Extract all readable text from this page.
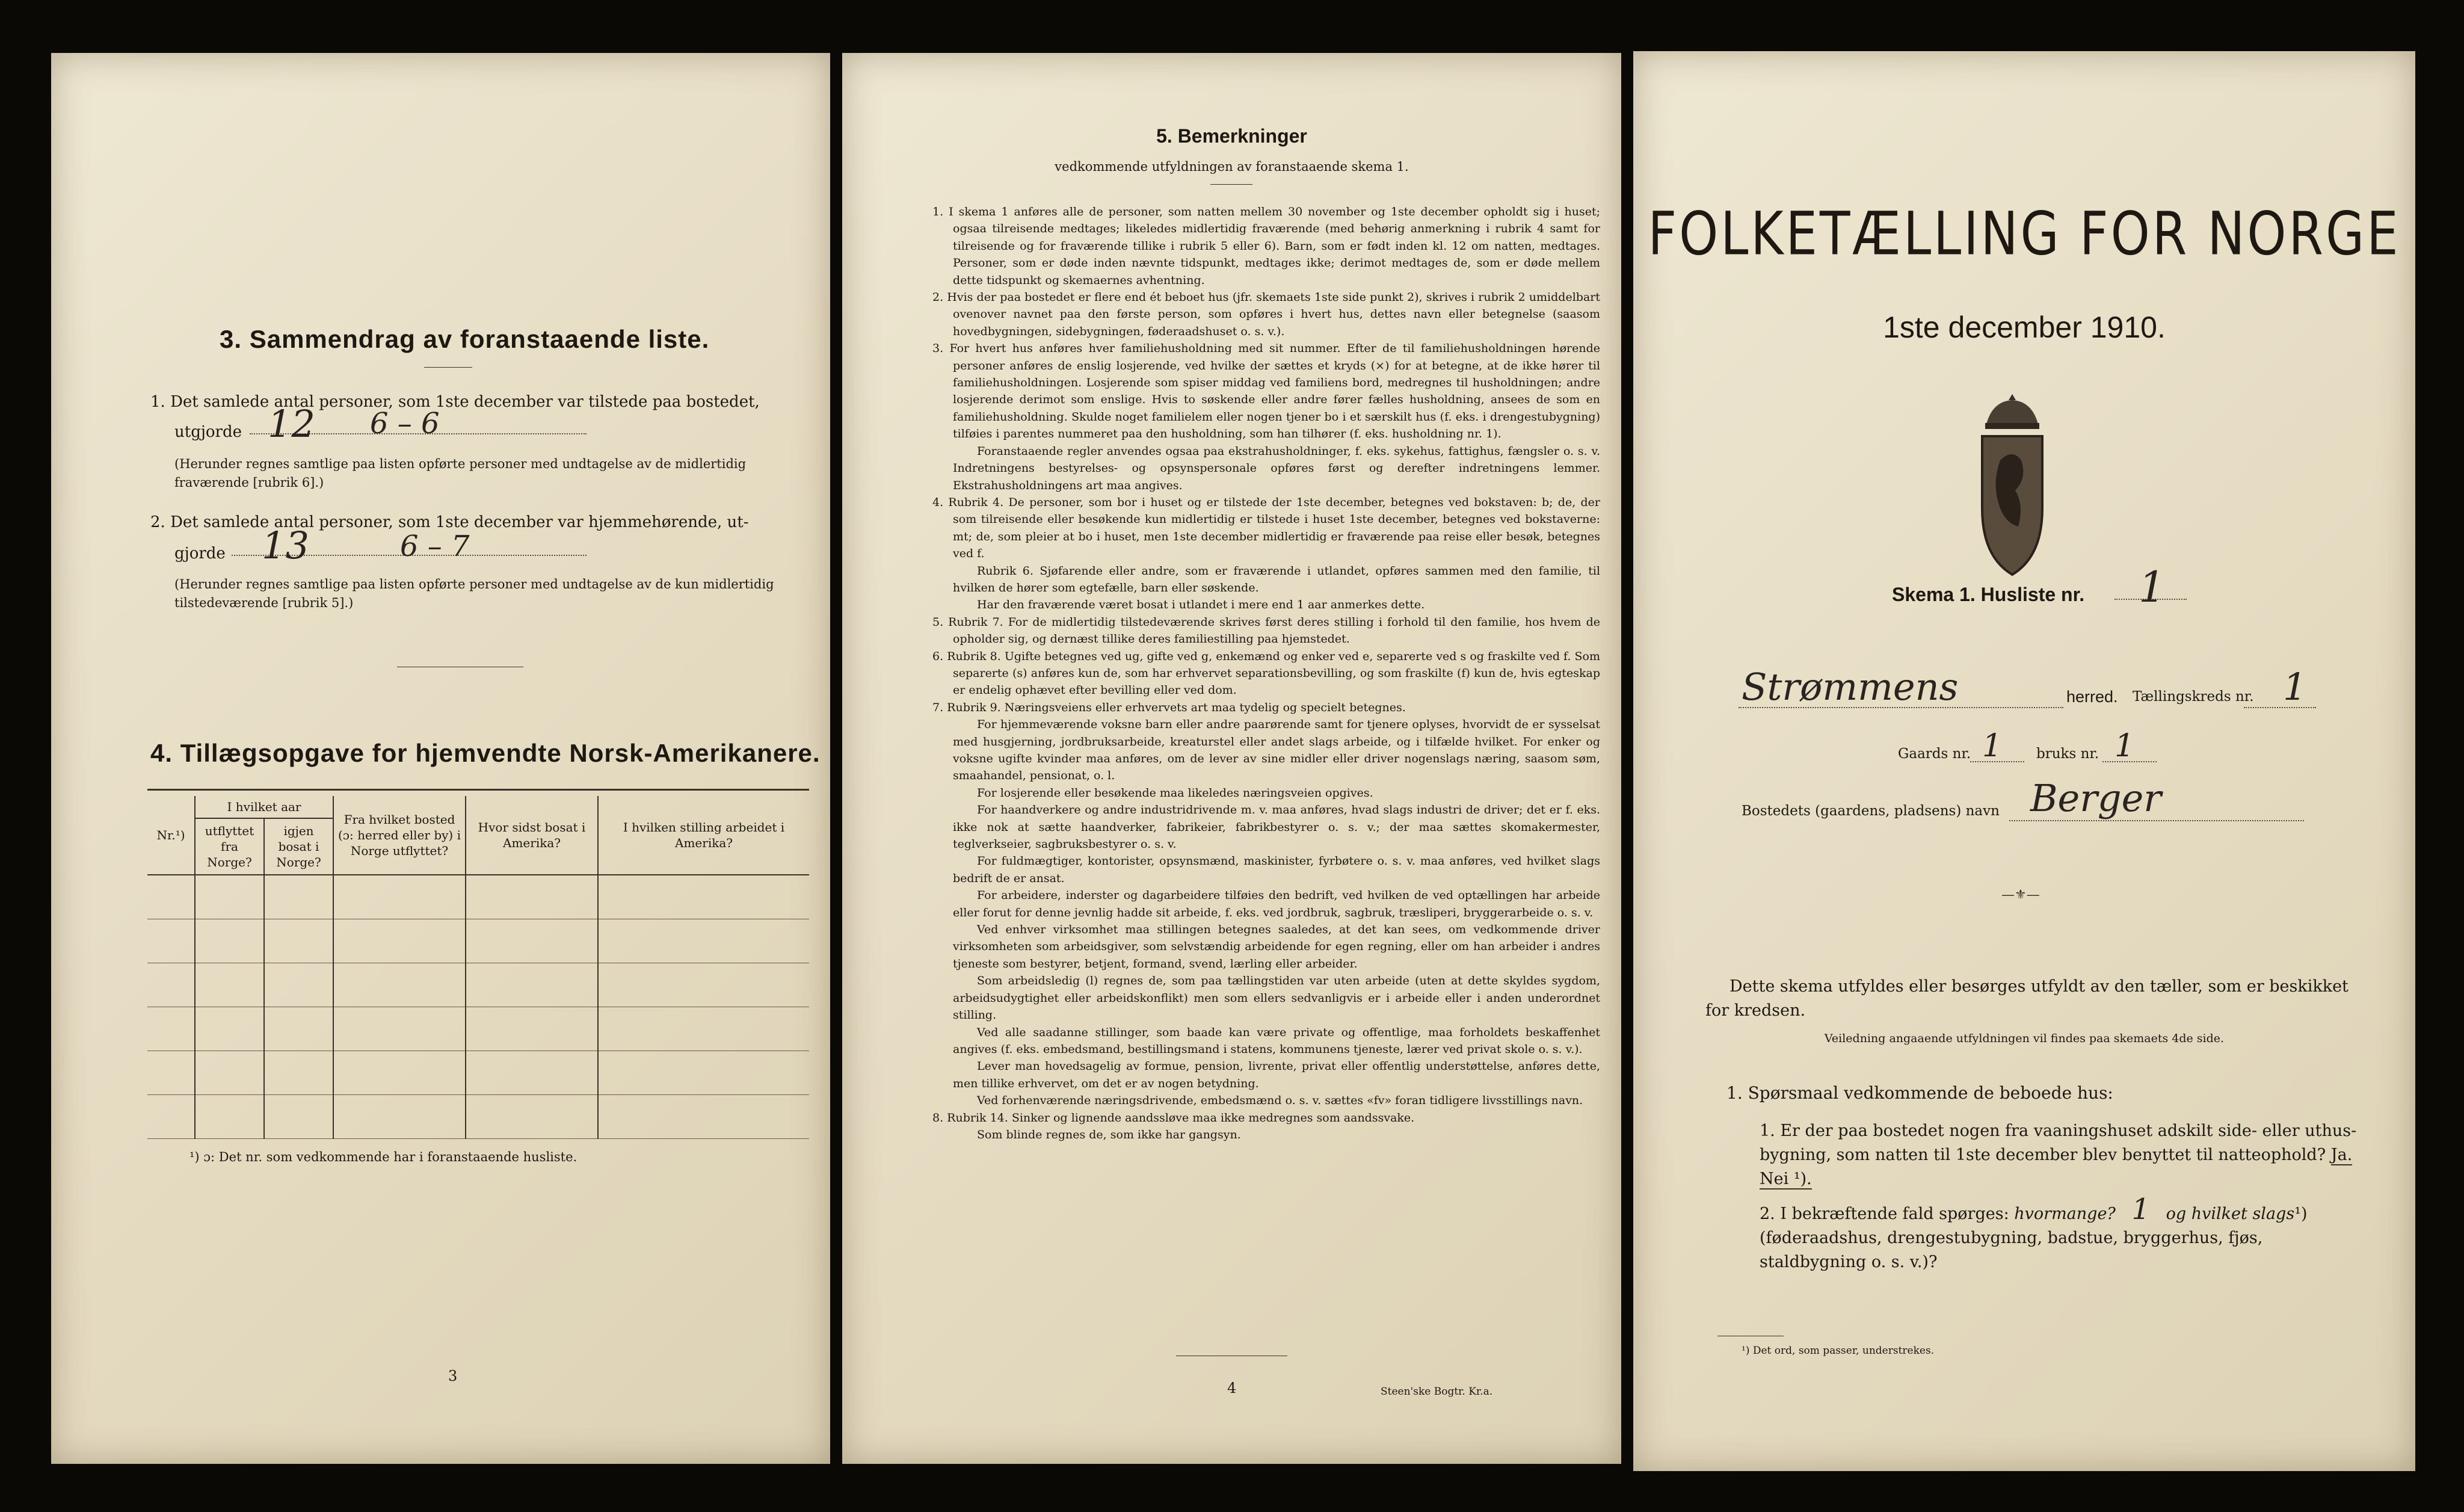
3. Sammendrag av foranstaaende liste.
1. Det samlede antal personer, som 1ste december var tilstede paa bostedet,
utgjorde 12 6 – 6
(Herunder regnes samtlige paa listen opførte personer med undtagelse av de midlertidig fraværende [rubrik 6].)
2. Det samlede antal personer, som 1ste december var hjemmehørende, ut-
gjorde 13	6 – 7
(Herunder regnes samtlige paa listen opførte personer med undtagelse av de kun midlertidig tilstedeværende [rubrik 5].)
4. Tillægsopgave for hjemvendte Norsk-Amerikanere.
Nr.¹)	I hvilket aar		Fra hvilket bosted (ɔ: herred eller by) i Norge utflyttet?	Hvor sidst bosat i Amerika?	I hvilken stilling arbeidet i Amerika?
	utflyttet fra Norge?	igjen bosat i Norge?			

¹) ɔ: Det nr. som vedkommende har i foranstaaende husliste.
3
5. Bemerkninger
vedkommende utfyldningen av foranstaaende skema 1.

1. I skema 1 anføres alle de personer, som natten mellem 30 november og 1ste december opholdt sig i huset; ogsaa tilreisende medtages; likeledes midlertidig fraværende (med behørig anmerkning i rubrik 4 samt for tilreisende og for fraværende tillike i rubrik 5 eller 6). Barn, som er født inden kl. 12 om natten, medtages. Personer, som er døde inden nævnte tidspunkt, medtages ikke; derimot medtages de, som er døde mellem dette tidspunkt og skemaernes avhentning.

2. Hvis der paa bostedet er flere end ét beboet hus (jfr. skemaets 1ste side punkt 2), skrives i rubrik 2 umiddelbart ovenover navnet paa den første person, som opføres i hvert hus, dettes navn eller betegnelse (saasom hovedbygningen, sidebygningen, føderaadshuset o. s. v.).

3. For hvert hus anføres hver familiehusholdning med sit nummer. Efter de til familiehusholdningen hørende personer anføres de enslig losjerende, ved hvilke der sættes et kryds (×) for at betegne, at de ikke hører til familiehusholdningen. Losjerende som spiser middag ved familiens bord, medregnes til husholdningen; andre losjerende derimot som enslige. Hvis to søskende eller andre fører fælles husholdning, ansees de som en familiehusholdning. Skulde noget familielem eller nogen tjener bo i et særskilt hus (f. eks. i drengestubygning) tilføies i parentes nummeret paa den husholdning, som han tilhører (f. eks. husholdning nr. 1).

Foranstaaende regler anvendes ogsaa paa ekstrahusholdninger, f. eks. sykehus, fattighus, fængsler o. s. v. Indretningens bestyrelses- og opsynspersonale opføres først og derefter indretningens lemmer. Ekstrahusholdningens art maa angives.

4. Rubrik 4. De personer, som bor i huset og er tilstede der 1ste december, betegnes ved bokstaven: b; de, der som tilreisende eller besøkende kun midlertidig er tilstede i huset 1ste december, betegnes ved bokstaverne: mt; de, som pleier at bo i huset, men 1ste december midlertidig er fraværende paa reise eller besøk, betegnes ved f.

Rubrik 6. Sjøfarende eller andre, som er fraværende i utlandet, opføres sammen med den familie, til hvilken de hører som egtefælle, barn eller søskende.

Har den fraværende været bosat i utlandet i mere end 1 aar anmerkes dette.

5. Rubrik 7. For de midlertidig tilstedeværende skrives først deres stilling i forhold til den familie, hos hvem de opholder sig, og dernæst tillike deres familiestilling paa hjemstedet.

6. Rubrik 8. Ugifte betegnes ved ug, gifte ved g, enkemænd og enker ved e, separerte ved s og fraskilte ved f. Som separerte (s) anføres kun de, som har erhvervet separationsbevilling, og som fraskilte (f) kun de, hvis egteskap er endelig ophævet efter bevilling eller ved dom.

7. Rubrik 9. Næringsveiens eller erhvervets art maa tydelig og specielt betegnes.

For hjemmeværende voksne barn eller andre paarørende samt for tjenere oplyses, hvorvidt de er sysselsat med husgjerning, jordbruksarbeide, kreaturstel eller andet slags arbeide, og i tilfælde hvilket. For enker og voksne ugifte kvinder maa anføres, om de lever av sine midler eller driver nogenslags næring, saasom søm, smaahandel, pensionat, o. l.

For losjerende eller besøkende maa likeledes næringsveien opgives.

For haandverkere og andre industridrivende m. v. maa anføres, hvad slags industri de driver; det er f. eks. ikke nok at sætte haandverker, fabrikeier, fabrikbestyrer o. s. v.; der maa sættes skomakermester, teglverkseier, sagbruksbestyrer o. s. v.

For fuldmægtiger, kontorister, opsynsmænd, maskinister, fyrbøtere o. s. v. maa anføres, ved hvilket slags bedrift de er ansat.

For arbeidere, inderster og dagarbeidere tilføies den bedrift, ved hvilken de ved optællingen har arbeide eller forut for denne jevnlig hadde sit arbeide, f. eks. ved jordbruk, sagbruk, træsliperi, bryggerarbeide o. s. v.

Ved enhver virksomhet maa stillingen betegnes saaledes, at det kan sees, om vedkommende driver virksomheten som arbeidsgiver, som selvstændig arbeidende for egen regning, eller om han arbeider i andres tjeneste som bestyrer, betjent, formand, svend, lærling eller arbeider.

Som arbeidsledig (l) regnes de, som paa tællingstiden var uten arbeide (uten at dette skyldes sygdom, arbeidsudygtighet eller arbeidskonflikt) men som ellers sedvanligvis er i arbeide eller i anden underordnet stilling.

Ved alle saadanne stillinger, som baade kan være private og offentlige, maa forholdets beskaffenhet angives (f. eks. embedsmand, bestillingsmand i statens, kommunens tjeneste, lærer ved privat skole o. s. v.).

Lever man hovedsagelig av formue, pension, livrente, privat eller offentlig understøttelse, anføres dette, men tillike erhvervet, om det er av nogen betydning.

Ved forhenværende næringsdrivende, embedsmænd o. s. v. sættes «fv» foran tidligere livsstillings navn.

8. Rubrik 14. Sinker og lignende aandssløve maa ikke medregnes som aandssvake.

Som blinde regnes de, som ikke har gangsyn.

4	Steen'ske Bogtr. Kr.a.
FOLKETÆLLING FOR NORGE
1ste december 1910.
Skema 1. Husliste nr. 1
Strømmens	herred. Tællingskreds nr. 1
Gaards nr. 1 bruks nr. 1
Bostedets (gaardens, pladsens) navn Berger
—⚜—
Dette skema utfyldes eller besørges utfyldt av den tæller, som er beskikket for kredsen.
Veiledning angaaende utfyldningen vil findes paa skemaets 4de side.
1. Spørsmaal vedkommende de beboede hus:
1. Er der paa bostedet nogen fra vaaningshuset adskilt side- eller uthus-bygning, som natten til 1ste december blev benyttet til natteophold? Ja. Nei ¹).
2. I bekræftende fald spørges: hvormange? 1 og hvilket slags¹) (føderaadshus, drengestubygning, badstue, bryggerhus, fjøs, staldbygning o. s. v.)?
¹) Det ord, som passer, understrekes.
